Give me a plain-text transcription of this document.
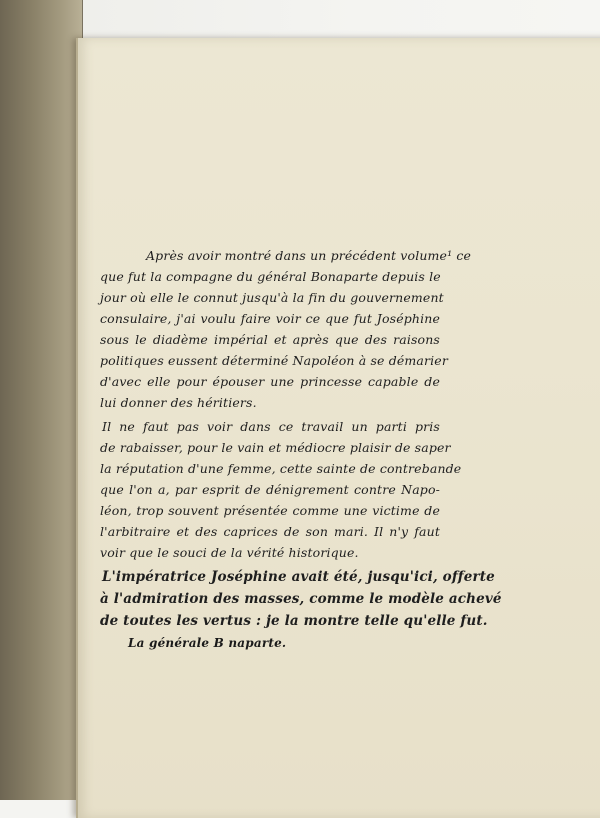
Après avoir montré dans un précédent volume¹ ce
que fut la compagne du général Bonaparte depuis le
jour où elle le connut jusqu'à la fin du gouvernement
consulaire, j'ai voulu faire voir ce que fut Joséphine
sous le diadème impérial et après que des raisons
politiques eussent déterminé Napoléon à se démarier
d'avec elle pour épouser une princesse capable de
lui donner des héritiers.
Il ne faut pas voir dans ce travail un parti pris
de rabaisser, pour le vain et médiocre plaisir de saper
la réputation d'une femme, cette sainte de contrebande
que l'on a, par esprit de dénigrement contre Napo-
léon, trop souvent présentée comme une victime de
l'arbitraire et des caprices de son mari. Il n'y faut
voir que le souci de la vérité historique.
L'impératrice Joséphine avait été, jusqu'ici, offerte
à l'admiration des masses, comme le modèle achevé
de toutes les vertus : je la montre telle qu'elle fut.
La générale B naparte.
